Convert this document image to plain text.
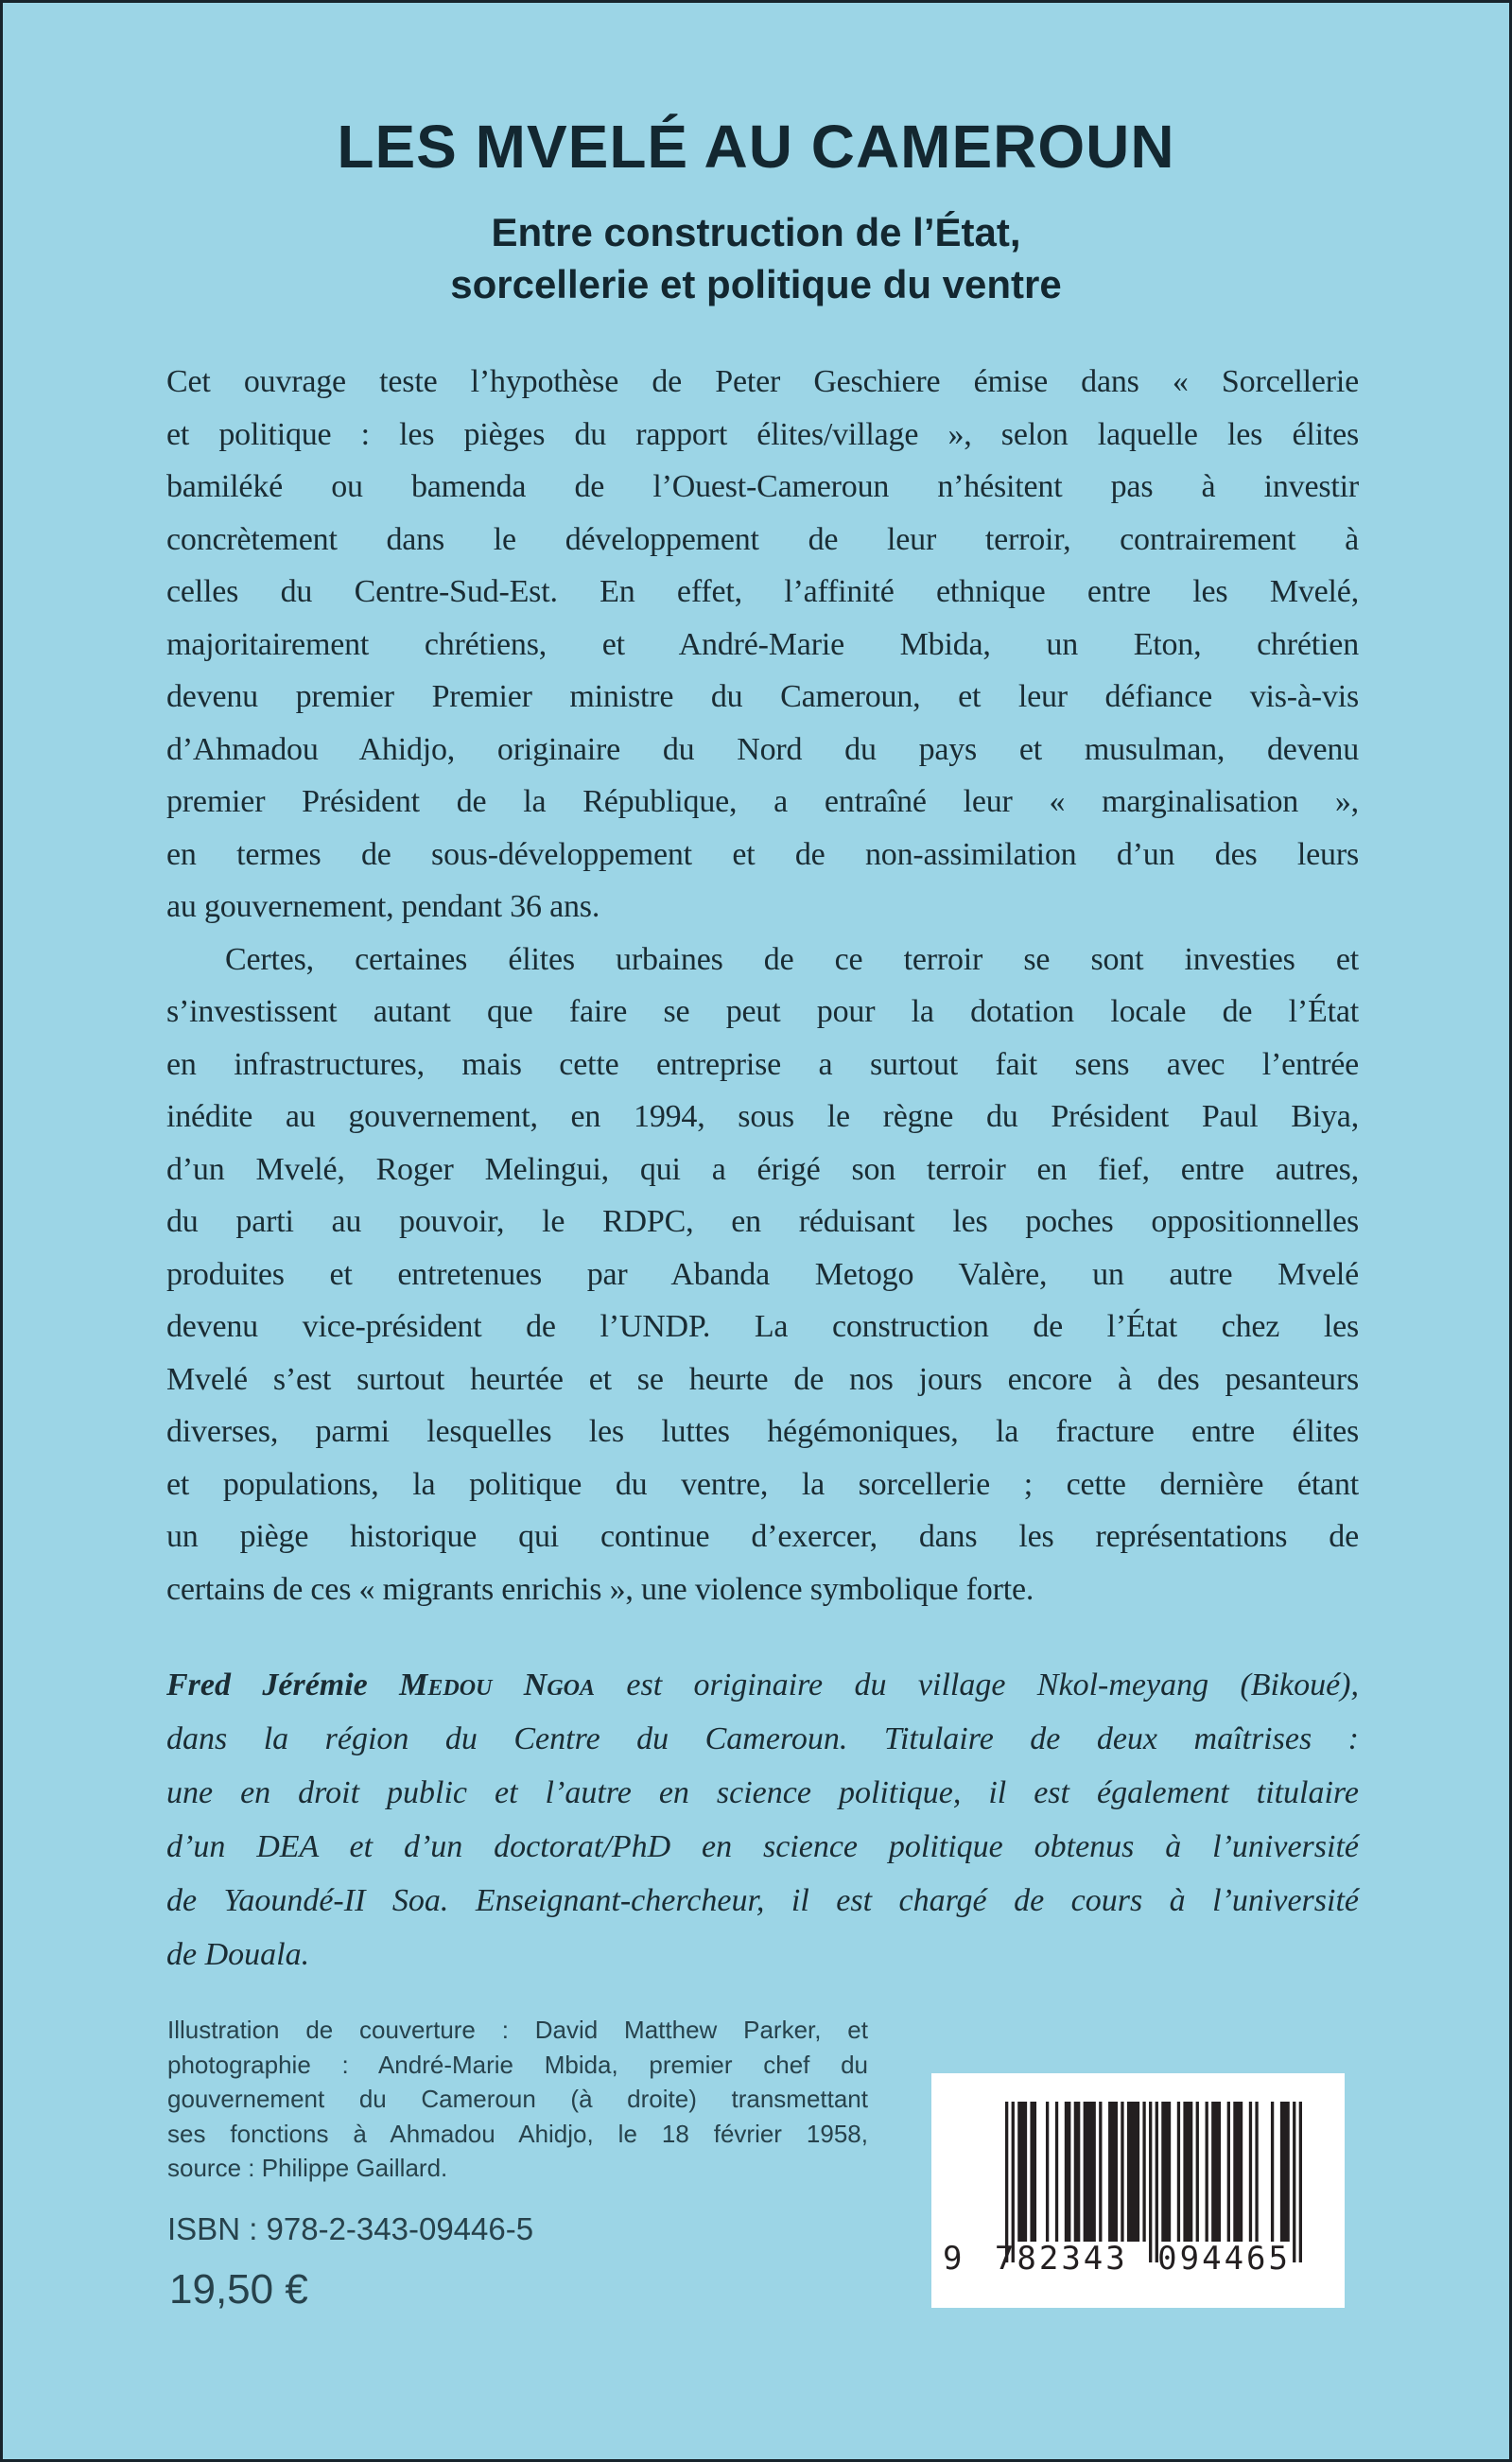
LES MVELÉ AU CAMEROUN
Entre construction de l’État,
sorcellerie et politique du ventre
Cet ouvrage teste l’hypothèse de Peter Geschiere émise dans « Sorcellerie
et politique : les pièges du rapport élites/village », selon laquelle les élites
bamiléké ou bamenda de l’Ouest-Cameroun n’hésitent pas à investir
concrètement dans le développement de leur terroir, contrairement à
celles du Centre-Sud-Est. En effet, l’affinité ethnique entre les Mvelé,
majoritairement chrétiens, et André-Marie Mbida, un Eton, chrétien
devenu premier Premier ministre du Cameroun, et leur défiance vis-à-vis
d’Ahmadou Ahidjo, originaire du Nord du pays et musulman, devenu
premier Président de la République, a entraîné leur « marginalisation »,
en termes de sous-développement et de non-assimilation d’un des leurs
au gouvernement, pendant 36 ans.
Certes, certaines élites urbaines de ce terroir se sont investies et
s’investissent autant que faire se peut pour la dotation locale de l’État
en infrastructures, mais cette entreprise a surtout fait sens avec l’entrée
inédite au gouvernement, en 1994, sous le règne du Président Paul Biya,
d’un Mvelé, Roger Melingui, qui a érigé son terroir en fief, entre autres,
du parti au pouvoir, le RDPC, en réduisant les poches oppositionnelles
produites et entretenues par Abanda Metogo Valère, un autre Mvelé
devenu vice-président de l’UNDP. La construction de l’État chez les
Mvelé s’est surtout heurtée et se heurte de nos jours encore à des pesanteurs
diverses, parmi lesquelles les luttes hégémoniques, la fracture entre élites
et populations, la politique du ventre, la sorcellerie ; cette dernière étant
un piège historique qui continue d’exercer, dans les représentations de
certains de ces « migrants enrichis », une violence symbolique forte.
Fred Jérémie Medou Ngoa est originaire du village Nkol-meyang (Bikoué),
dans la région du Centre du Cameroun. Titulaire de deux maîtrises :
une en droit public et l’autre en science politique, il est également titulaire
d’un DEA et d’un doctorat/PhD en science politique obtenus à l’université
de Yaoundé-II Soa. Enseignant-chercheur, il est chargé de cours à l’université
de Douala.
Illustration de couverture : David Matthew Parker, et
photographie : André-Marie Mbida, premier chef du
gouvernement du Cameroun (à droite) transmettant
ses fonctions à Ahmadou Ahidjo, le 18 février 1958,
source : Philippe Gaillard.
ISBN : 978-2-343-09446-5
19,50 €
9 782343 094465
